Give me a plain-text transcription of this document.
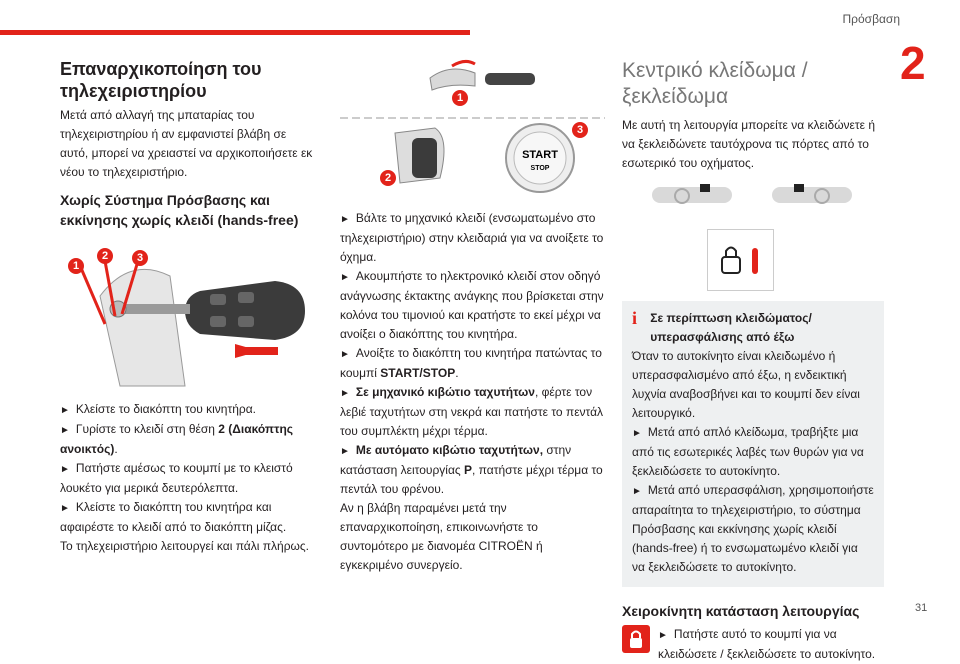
Πρόσβαση
2
31
Επαναρχικοποίηση του τηλεχειριστηρίου

Μετά από αλλαγή της μπαταρίας του τηλεχειριστηρίου ή αν εμφανιστεί βλάβη σε αυτό, μπορεί να χρειαστεί να αρχικοποιήσετε εκ νέου το τηλεχειριστήριο.

Χωρίς Σύστημα Πρόσβασης και εκκίνησης χωρίς κλειδί (hands-free)
1
2	3

► Κλείστε το διακόπτη του κινητήρα.

► Γυρίστε το κλειδί στη θέση 2 (Διακόπτης ανοικτός).

► Πατήστε αμέσως το κουμπί με το κλειστό λουκέτο για μερικά δευτερόλεπτα.

► Κλείστε το διακόπτη του κινητήρα και αφαιρέστε το κλειδί από το διακόπτη μίζας.

Το τηλεχειριστήριο λειτουργεί και πάλι πλήρως.

START
STOP
1
2
3

► Βάλτε το μηχανικό κλειδί (ενσωματωμένο στο τηλεχειριστήριο) στην κλειδαριά για να ανοίξετε το όχημα.

► Ακουμπήστε το ηλεκτρονικό κλειδί στον οδηγό ανάγνωσης έκτακτης ανάγκης που βρίσκεται στην κολόνα του τιμονιού και κρατήστε το εκεί μέχρι να ανοίξει ο διακόπτης του κινητήρα.

► Ανοίξτε το διακόπτη του κινητήρα πατώντας το κουμπί START/STOP.

► Σε μηχανικό κιβώτιο ταχυτήτων, φέρτε τον λεβιέ ταχυτήτων στη νεκρά και πατήστε το πεντάλ του συμπλέκτη μέχρι τέρμα.

► Με αυτόματο κιβώτιο ταχυτήτων, στην κατάσταση λειτουργίας P, πατήστε μέχρι τέρμα το πεντάλ του φρένου.

Αν η βλάβη παραμένει μετά την επαναρχικοποίηση, επικοινωνήστε το συντομότερο με διανομέα CITROËN ή εγκεκριμένο συνεργείο.

Κεντρικό κλείδωμα / ξεκλείδωμα

Με αυτή τη λειτουργία μπορείτε να κλειδώνετε ή να ξεκλειδώνετε ταυτόχρονα τις πόρτες από το εσωτερικό του οχήματος.

i	Σε περίπτωση κλειδώματος/υπερασφάλισης από έξω

Όταν το αυτοκίνητο είναι κλειδωμένο ή υπερασφαλισμένο από έξω, η ενδεικτική λυχνία αναβοσβήνει και το κουμπί δεν είναι λειτουργικό.

► Μετά από απλό κλείδωμα, τραβήξτε μια από τις εσωτερικές λαβές των θυρών για να ξεκλειδώσετε το αυτοκίνητο.

► Μετά από υπερασφάλιση, χρησιμοποιήστε απαραίτητα το τηλεχειριστήριο, το σύστημα Πρόσβασης και εκκίνησης χωρίς κλειδί (hands-free) ή το ενσωματωμένο κλειδί για να ξεκλειδώσετε το αυτοκίνητο.

Χειροκίνητη κατάσταση λειτουργίας

► Πατήστε αυτό το κουμπί για να κλειδώσετε / ξεκλειδώσετε το αυτοκίνητο.
